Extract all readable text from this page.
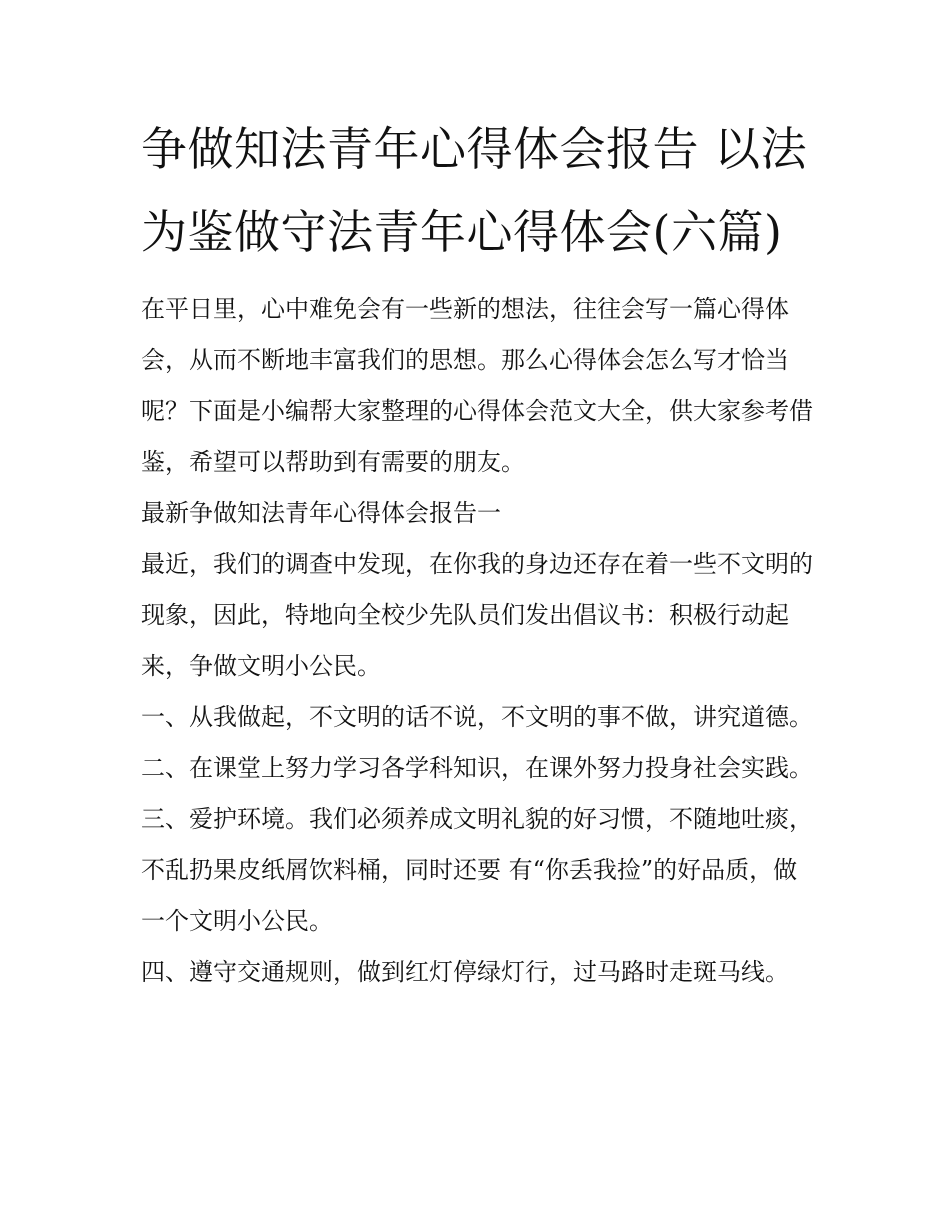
争做知法青年心得体会报告 以法为鉴做守法青年心得体会(六篇)

在平日里，心中难免会有一些新的想法，往往会写一篇心得体会，从而不断地丰富我们的思想。那么心得体会怎么写才恰当呢？下面是小编帮大家整理的心得体会范文大全，供大家参考借鉴，希望可以帮助到有需要的朋友。

最新争做知法青年心得体会报告一

最近，我们的调查中发现，在你我的身边还存在着一些不文明的现象，因此，特地向全校少先队员们发出倡议书：积极行动起来，争做文明小公民。

一、从我做起，不文明的话不说，不文明的事不做，讲究道德。 二、在课堂上努力学习各学科知识，在课外努力投身社会实践。

三、爱护环境。我们必须养成文明礼貌的好习惯，不随地吐痰，不乱扔果皮纸屑饮料桶，同时还要 有“你丢我捡”的好品质，做一个文明小公民。

四、遵守交通规则，做到红灯停绿灯行，过马路时走斑马线。
